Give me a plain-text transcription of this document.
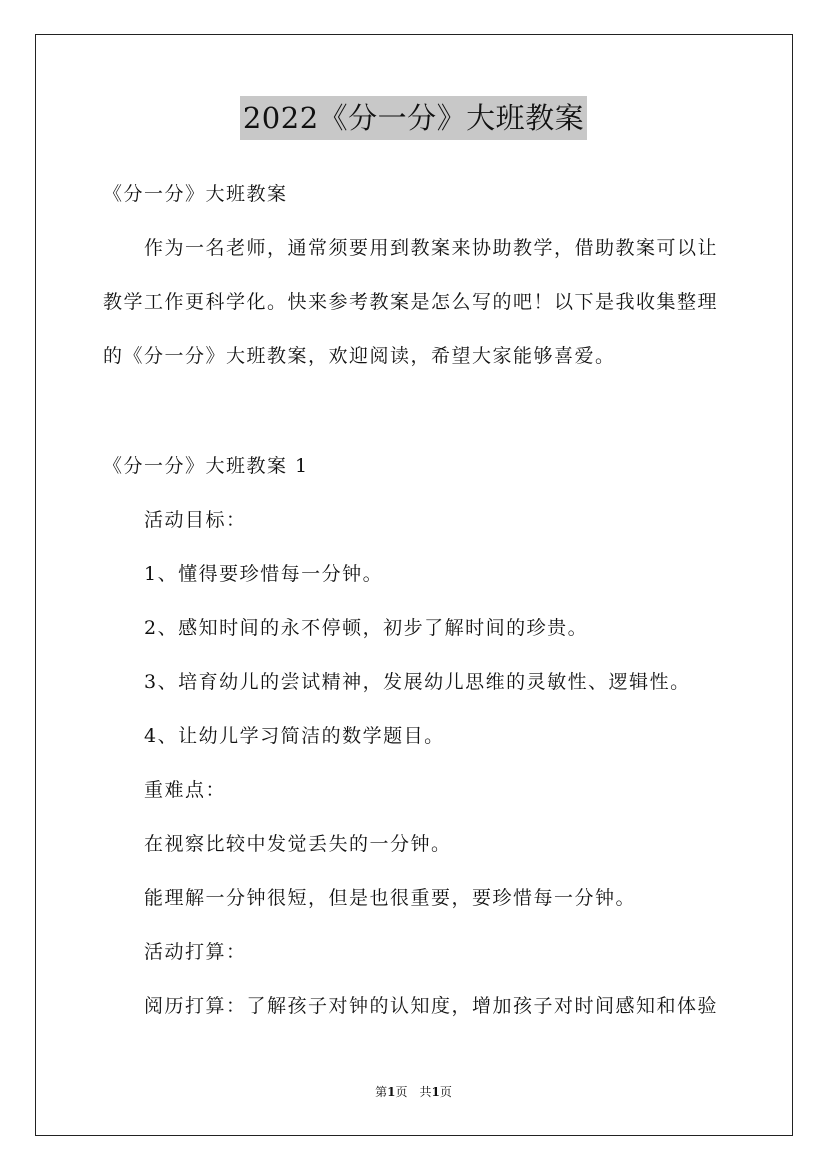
2022《分一分》大班教案
《分一分》大班教案
作为一名老师，通常须要用到教案来协助教学，借助教案可以让
教学工作更科学化。快来参考教案是怎么写的吧！以下是我收集整理
的《分一分》大班教案，欢迎阅读，希望大家能够喜爱。
《分一分》大班教案 1
活动目标：
1、懂得要珍惜每一分钟。
2、感知时间的永不停顿，初步了解时间的珍贵。
3、培育幼儿的尝试精神，发展幼儿思维的灵敏性、逻辑性。
4、让幼儿学习简洁的数学题目。
重难点：
在视察比较中发觉丢失的一分钟。
能理解一分钟很短，但是也很重要，要珍惜每一分钟。
活动打算：
阅历打算：了解孩子对钟的认知度，增加孩子对时间感知和体验
第1页　共1页
